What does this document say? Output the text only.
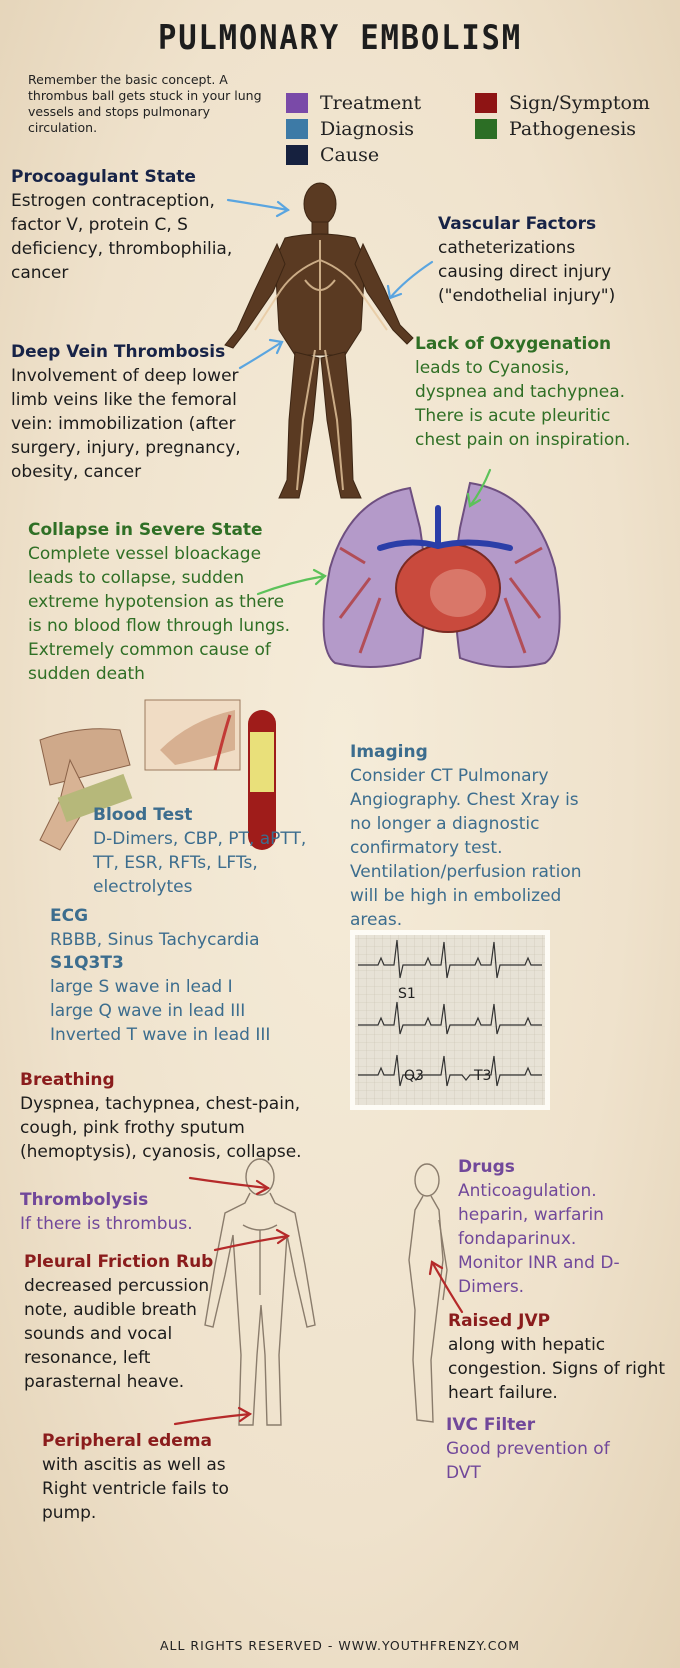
PULMONARY EMBOLISM
Remember the basic concept. A thrombus ball gets stuck in your lung vessels and stops pulmonary circulation.
Treatment
Diagnosis
Cause
Sign/Symptom
Pathogenesis
Procoagulant State
Estrogen contraception, factor V, protein C, S deficiency, thrombophilia, cancer
Vascular Factors
catheterizations causing direct injury ("endothelial injury")
Deep Vein Thrombosis
Involvement of deep lower limb veins like the femoral vein: immobilization (after surgery, injury, pregnancy, obesity, cancer
Lack of Oxygenation
leads to Cyanosis, dyspnea and tachypnea. There is acute pleuritic chest pain on inspiration.
Collapse in Severe State
Complete vessel bloackage leads to collapse, sudden extreme hypotension as there is no blood flow through lungs. Extremely common cause of sudden death
Blood Test
D-Dimers, CBP, PT, aPTT, TT, ESR, RFTs, LFTs, electrolytes
Imaging
Consider CT Pulmonary Angiography. Chest Xray is no longer a diagnostic confirmatory test. Ventilation/perfusion ration will be high in embolized areas.
ECG
RBBB, Sinus Tachycardia
S1Q3T3
large S wave in lead I
large Q wave in lead III
Inverted T wave in lead III
S1
Q3	T3
Breathing
Dyspnea, tachypnea, chest-pain, cough, pink frothy sputum (hemoptysis), cyanosis, collapse.
Thrombolysis
If there is thrombus.
Pleural Friction Rub
decreased percussion note, audible breath sounds and vocal resonance, left parasternal heave.
Peripheral edema
with ascitis as well as Right ventricle fails to pump.
Drugs
Anticoagulation. heparin, warfarin fondaparinux. Monitor INR and D-Dimers.
Raised JVP
along with hepatic congestion. Signs of right heart failure.
IVC Filter
Good prevention of DVT
ALL RIGHTS RESERVED - WWW.YOUTHFRENZY.COM
